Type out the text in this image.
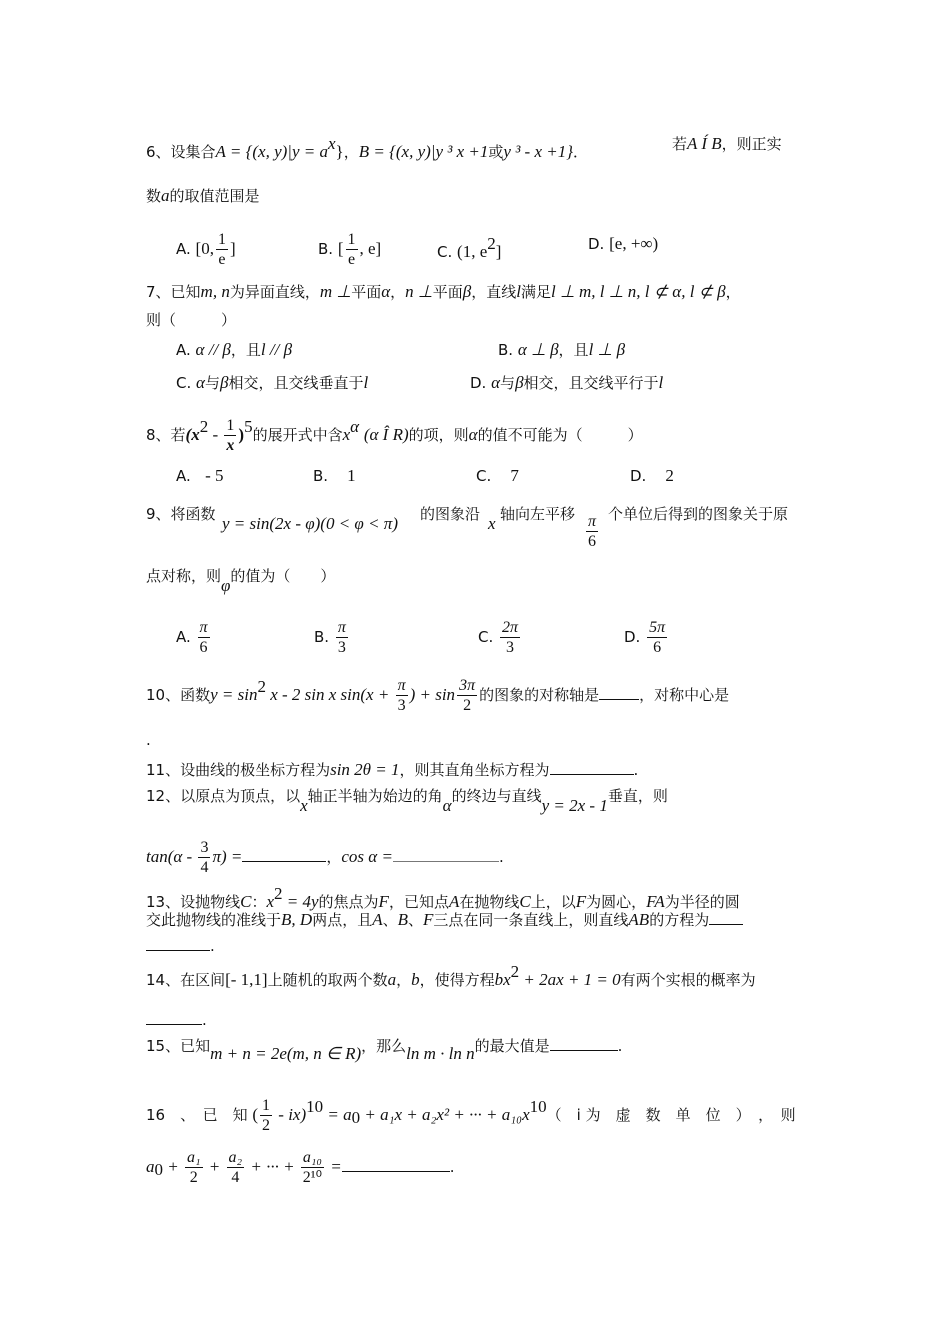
6、设集合A = {(x, $y)|y = a^x$}，B = {(x, y)|y ³ x +1或y ³ - x +1}．	若A Í B，则正实
数a的取值范围是
A. [0, $\frac{1}{e}$ ]	B. [ $\frac{1}{e}$ , e]	C. (1, $e^2$]	D. [e, +∞)
7、已知m, n为异面直线，m ⊥平面α，n ⊥平面β，直线l满足l ⊥ m, l ⊥ n, l ⊄ α, l ⊄ β，
则（　　　）
A. α // β，且l // β	B. α ⊥ β，且l ⊥ β
C. α与β相交，且交线垂直于l	D. α与β相交，且交线平行于l
8、若$(x^2 - \frac{1}{x} )^5$的展开式中含$x^\alpha$ (α Î R)的项，则α的值不可能为（　　　）
A. - 5	B. 1	C. 7	D. 2
9、将函数 y = sin(2x - φ)(0 < φ < π) 的图象沿 x 轴向左平移 $\frac{\pi}{6}$ 个单位后得到的图象关于原
点对称，则φ的值为（　　）
A. $\frac{\pi}{6}$	B. $\frac{\pi}{3}$	C. $\frac{2\pi}{3}$	D. $\frac{5\pi}{6}$
10、函数$y = \sin^2 x - 2$ sin x $\sin(x + \frac{\pi}{3}$ ) + $\sin \frac{3\pi}{2}$ 的图象的对称轴是	，对称中心是
.
11、设曲线的极坐标方程为sin 2θ = 1，则其直角坐标方程为	.
12、以原点为顶点，以x轴正半轴为始边的角α的终边与直线y = 2x - 1垂直，则
$\tan(\alpha - \frac{3}{4} \pi)$ =	，cos α =	.
13、设抛物线C：$x^2 = 4y$的焦点为F，已知点A在抛物线C上，以F为圆心，FA为半径的圆
交此抛物线的准线于B, D两点，且A、B、F三点在同一条直线上，则直线AB的方程为
.
14、在区间[- 1,1]上随机的取两个数a，b，使得方程$bx^2 + 2ax + 1 = 0$有两个实根的概率为
.
15、已知m + n = 2e(m, n ∈ R)，那么ln m · ln n的最大值是	.
16　、　已　知 ( $\frac{1}{2} - ix)^{10} = a_0 + a_1x + a_2x^2$ + ··· + $a_{10}x^{10}$（　i 为　虚　数　单　位　）　，　则
$a_0 + \frac{\text{a₁}}{2} + \frac{\text{a₂}}{4}$ + ··· + $\frac{\text{a₁₀}}{\text{2¹⁰}}$ =	.
